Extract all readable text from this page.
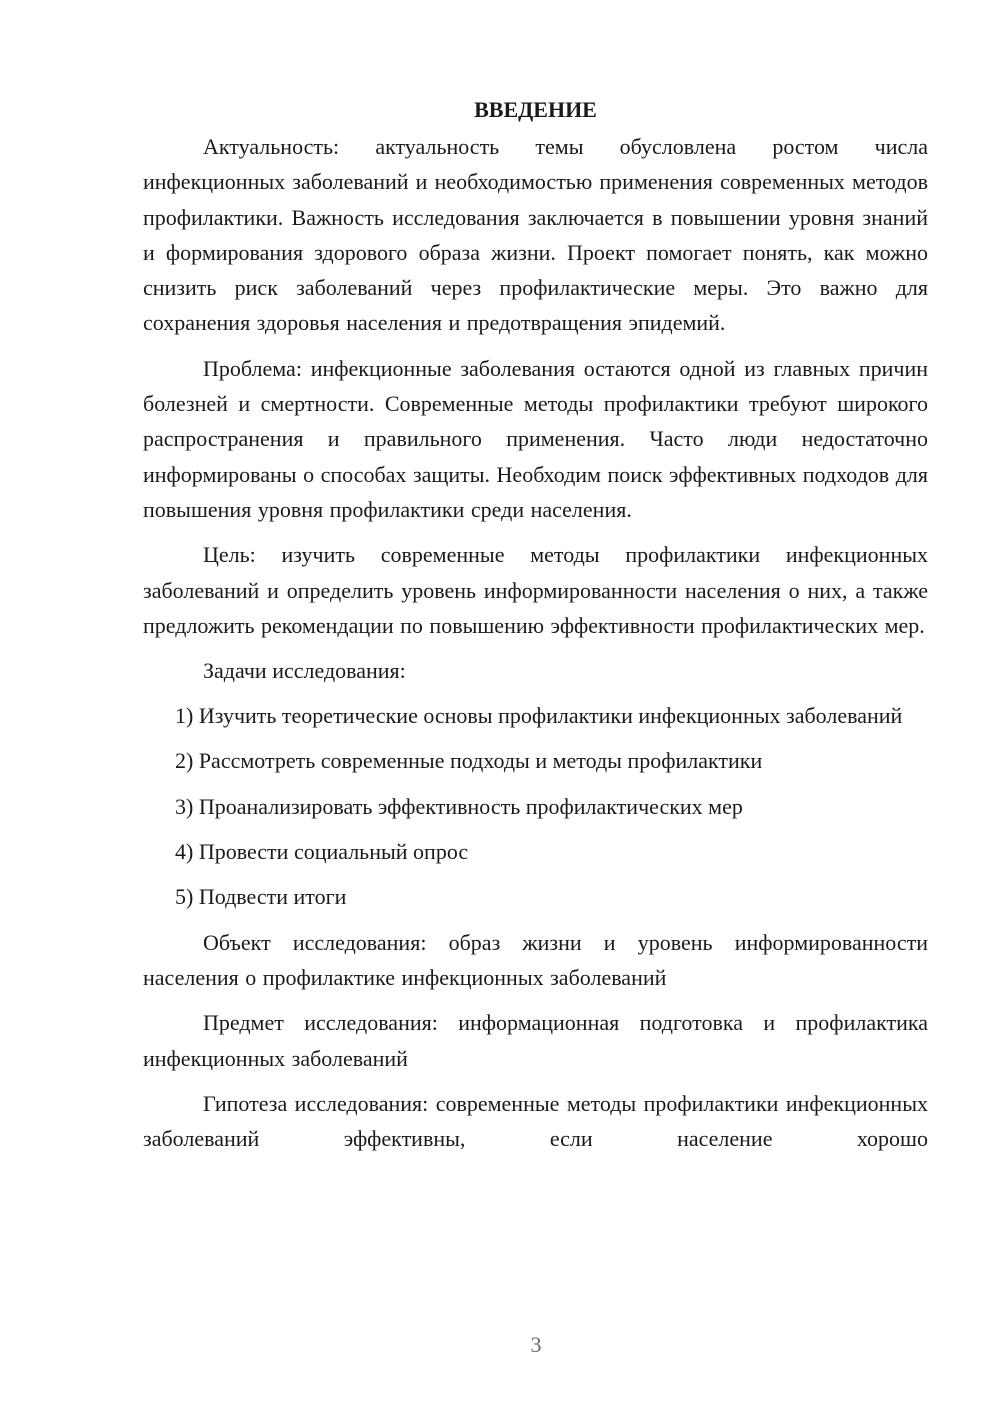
ВВЕДЕНИЕ

Актуальность: актуальность темы обусловлена ростом числа инфекционных заболеваний и необходимостью применения современных методов профилактики. Важность исследования заключается в повышении уровня знаний и формирования здорового образа жизни. Проект помогает понять, как можно снизить риск заболеваний через профилактические меры. Это важно для сохранения здоровья населения и предотвращения эпидемий.

Проблема: инфекционные заболевания остаются одной из главных причин болезней и смертности. Современные методы профилактики требуют широкого распространения и правильного применения. Часто люди недостаточно информированы о способах защиты. Необходим поиск эффективных подходов для повышения уровня профилактики среди населения.

Цель: изучить современные методы профилактики инфекционных заболеваний и определить уровень информированности населения о них, а также предложить рекомендации по повышению эффективности профилактических мер.

Задачи исследования:

1) Изучить теоретические основы профилактики инфекционных заболеваний

2) Рассмотреть современные подходы и методы профилактики

3) Проанализировать эффективность профилактических мер

4) Провести социальный опрос

5) Подвести итоги

Объект исследования: образ жизни и уровень информированности населения о профилактике инфекционных заболеваний

Предмет исследования: информационная подготовка и профилактика инфекционных заболеваний

Гипотеза исследования: современные методы профилактики инфекционных заболеваний эффективны, если население хорошо

3
